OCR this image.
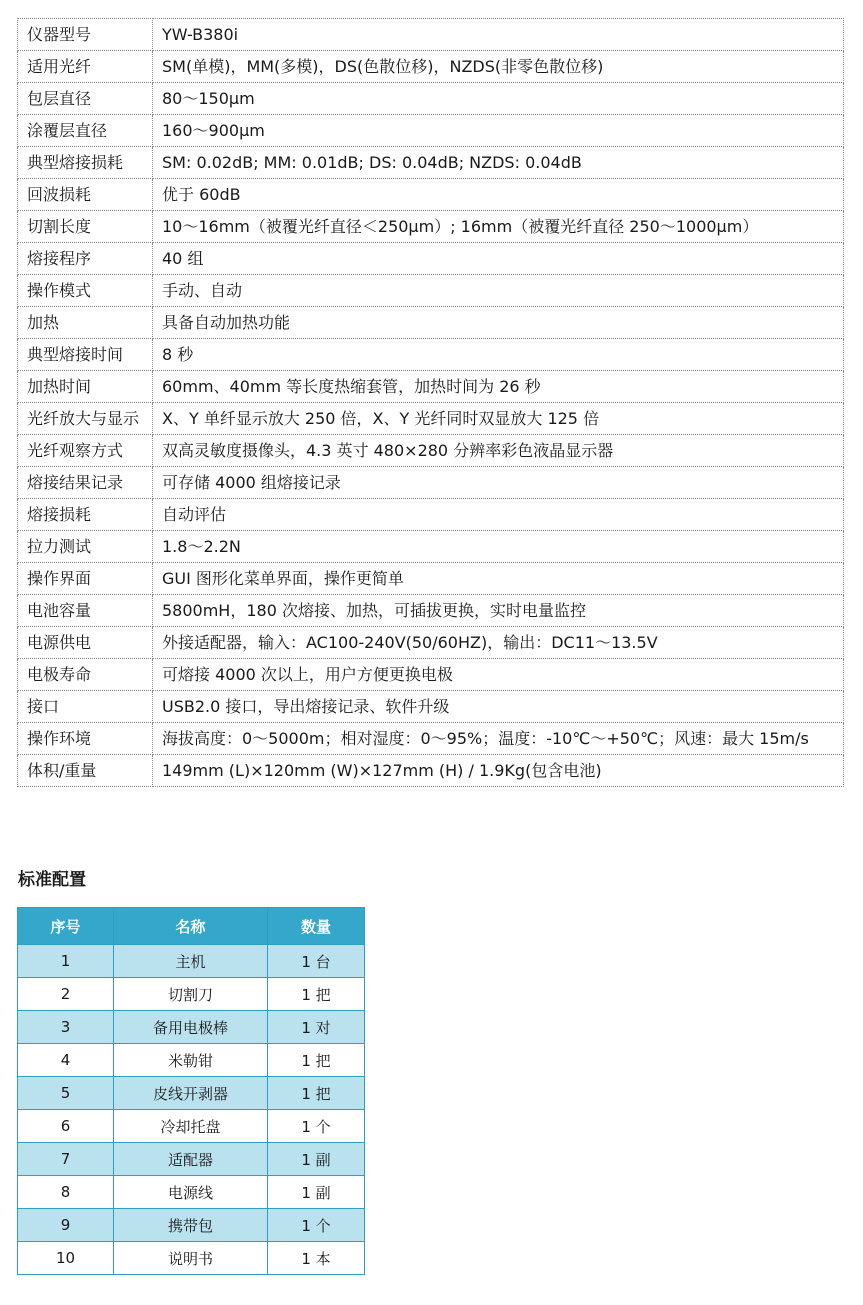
仪器型号	YW-B380i
适用光纤	SM(单模)，MM(多模)，DS(色散位移)，NZDS(非零色散位移)
包层直径	80～150μm
涂覆层直径	160～900μm
典型熔接损耗	SM: 0.02dB; MM: 0.01dB; DS: 0.04dB; NZDS: 0.04dB
回波损耗	优于 60dB
切割长度	10～16mm（被覆光纤直径＜250μm）; 16mm（被覆光纤直径 250～1000μm）
熔接程序	40 组
操作模式	手动、自动
加热	具备自动加热功能
典型熔接时间	8 秒
加热时间	60mm、40mm 等长度热缩套管，加热时间为 26 秒
光纤放大与显示	X、Y 单纤显示放大 250 倍，X、Y 光纤同时双显放大 125 倍
光纤观察方式	双高灵敏度摄像头，4.3 英寸 480×280 分辨率彩色液晶显示器
熔接结果记录	可存储 4000 组熔接记录
熔接损耗	自动评估
拉力测试	1.8～2.2N
操作界面	GUI 图形化菜单界面，操作更简单
电池容量	5800mH，180 次熔接、加热，可插拔更换，实时电量监控
电源供电	外接适配器，输入：AC100-240V(50/60HZ)，输出：DC11～13.5V
电极寿命	可熔接 4000 次以上，用户方便更换电极
接口	USB2.0 接口，导出熔接记录、软件升级
操作环境	海拔高度：0～5000m；相对湿度：0～95%；温度：-10℃～+50℃；风速：最大 15m/s
体积/重量	149mm (L)×120mm (W)×127mm (H) / 1.9Kg(包含电池)
标准配置
序号	名称	数量
1	主机	1 台
2	切割刀	1 把
3	备用电极棒	1 对
4	米勒钳	1 把
5	皮线开剥器	1 把
6	冷却托盘	1 个
7	适配器	1 副
8	电源线	1 副
9	携带包	1 个
10	说明书	1 本
